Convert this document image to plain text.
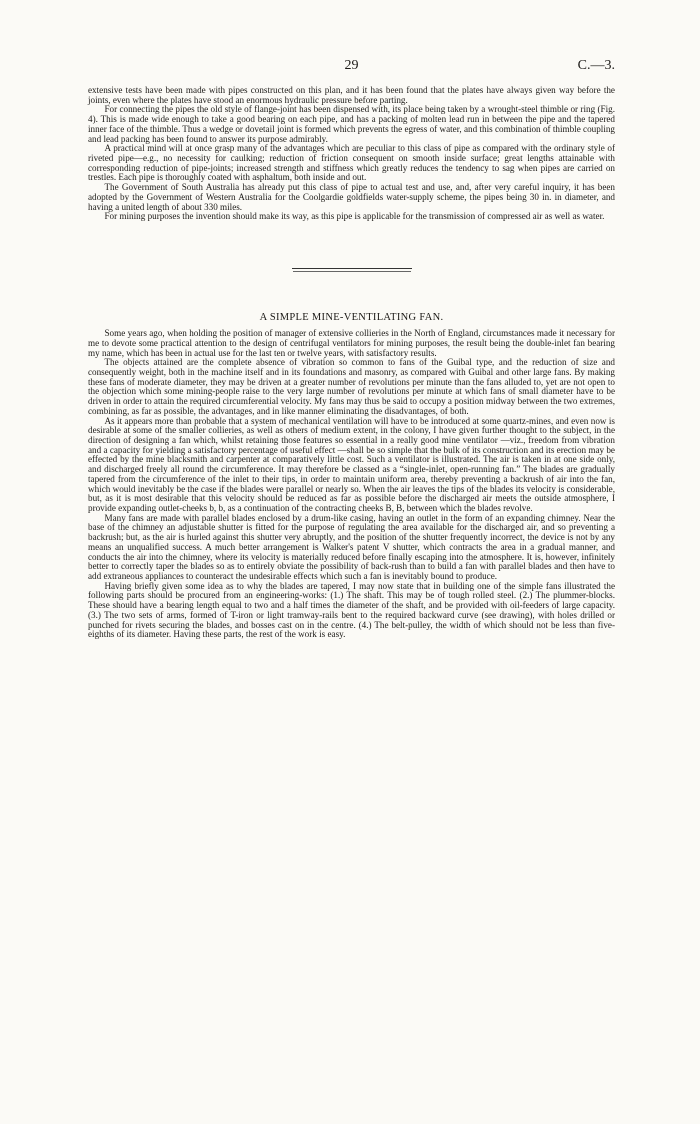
29	C.—3.

extensive tests have been made with pipes constructed on this plan, and it has been found that the plates have always given way before the joints, even where the plates have stood an enormous hydraulic pressure before parting.

For connecting the pipes the old style of flange-joint has been dispensed with, its place being taken by a wrought-steel thimble or ring (Fig. 4). This is made wide enough to take a good bearing on each pipe, and has a packing of molten lead run in between the pipe and the tapered inner face of the thimble. Thus a wedge or dovetail joint is formed which prevents the egress of water, and this combination of thimble coupling and lead packing has been found to answer its purpose admirably.

A practical mind will at once grasp many of the advantages which are peculiar to this class of pipe as compared with the ordinary style of riveted pipe—e.g., no necessity for caulking; reduction of friction consequent on smooth inside surface; great lengths attainable with corresponding reduction of pipe-joints; increased strength and stiffness which greatly reduces the tendency to sag when pipes are carried on trestles. Each pipe is thoroughly coated with asphaltum, both inside and out.

The Government of South Australia has already put this class of pipe to actual test and use, and, after very careful inquiry, it has been adopted by the Government of Western Australia for the Coolgardie goldfields water-supply scheme, the pipes being 30 in. in diameter, and having a united length of about 330 miles.

For mining purposes the invention should make its way, as this pipe is applicable for the transmission of compressed air as well as water.

A SIMPLE MINE-VENTILATING FAN.

Some years ago, when holding the position of manager of extensive collieries in the North of England, circumstances made it necessary for me to devote some practical attention to the design of centrifugal ventilators for mining purposes, the result being the double-inlet fan bearing my name, which has been in actual use for the last ten or twelve years, with satisfactory results.

The objects attained are the complete absence of vibration so common to fans of the Guibal type, and the reduction of size and consequently weight, both in the machine itself and in its foundations and masonry, as compared with Guibal and other large fans. By making these fans of moderate diameter, they may be driven at a greater number of revolutions per minute than the fans alluded to, yet are not open to the objection which some mining-people raise to the very large number of revolutions per minute at which fans of small diameter have to be driven in order to attain the required circumferential velocity. My fans may thus be said to occupy a position midway between the two extremes, combining, as far as possible, the advantages, and in like manner eliminating the disadvantages, of both.

As it appears more than probable that a system of mechanical ventilation will have to be introduced at some quartz-mines, and even now is desirable at some of the smaller collieries, as well as others of medium extent, in the colony, I have given further thought to the subject, in the direction of designing a fan which, whilst retaining those features so essential in a really good mine ventilator —viz., freedom from vibration and a capacity for yielding a satisfactory percentage of useful effect —shall be so simple that the bulk of its construction and its erection may be effected by the mine blacksmith and carpenter at comparatively little cost. Such a ventilator is illustrated. The air is taken in at one side only, and discharged freely all round the circumference. It may therefore be classed as a “single-inlet, open-running fan.” The blades are gradually tapered from the circumference of the inlet to their tips, in order to maintain uniform area, thereby preventing a backrush of air into the fan, which would inevitably be the case if the blades were parallel or nearly so. When the air leaves the tips of the blades its velocity is considerable, but, as it is most desirable that this velocity should be reduced as far as possible before the discharged air meets the outside atmosphere, I provide expanding outlet-cheeks b, b, as a continuation of the contracting cheeks B, B, between which the blades revolve.

Many fans are made with parallel blades enclosed by a drum-like casing, having an outlet in the form of an expanding chimney. Near the base of the chimney an adjustable shutter is fitted for the purpose of regulating the area available for the discharged air, and so preventing a backrush; but, as the air is hurled against this shutter very abruptly, and the position of the shutter frequently incorrect, the device is not by any means an unqualified success. A much better arrangement is Walker's patent V shutter, which contracts the area in a gradual manner, and conducts the air into the chimney, where its velocity is materially reduced before finally escaping into the atmosphere. It is, however, infinitely better to correctly taper the blades so as to entirely obviate the possibility of back-rush than to build a fan with parallel blades and then have to add extraneous appliances to counteract the undesirable effects which such a fan is inevitably bound to produce.

Having briefly given some idea as to why the blades are tapered, I may now state that in building one of the simple fans illustrated the following parts should be procured from an engineering-works: (1.) The shaft. This may be of tough rolled steel. (2.) The plummer-blocks. These should have a bearing length equal to two and a half times the diameter of the shaft, and be provided with oil-feeders of large capacity. (3.) The two sets of arms, formed of T-iron or light tramway-rails bent to the required backward curve (see drawing), with holes drilled or punched for rivets securing the blades, and bosses cast on in the centre. (4.) The belt-pulley, the width of which should not be less than five-eighths of its diameter. Having these parts, the rest of the work is easy.
